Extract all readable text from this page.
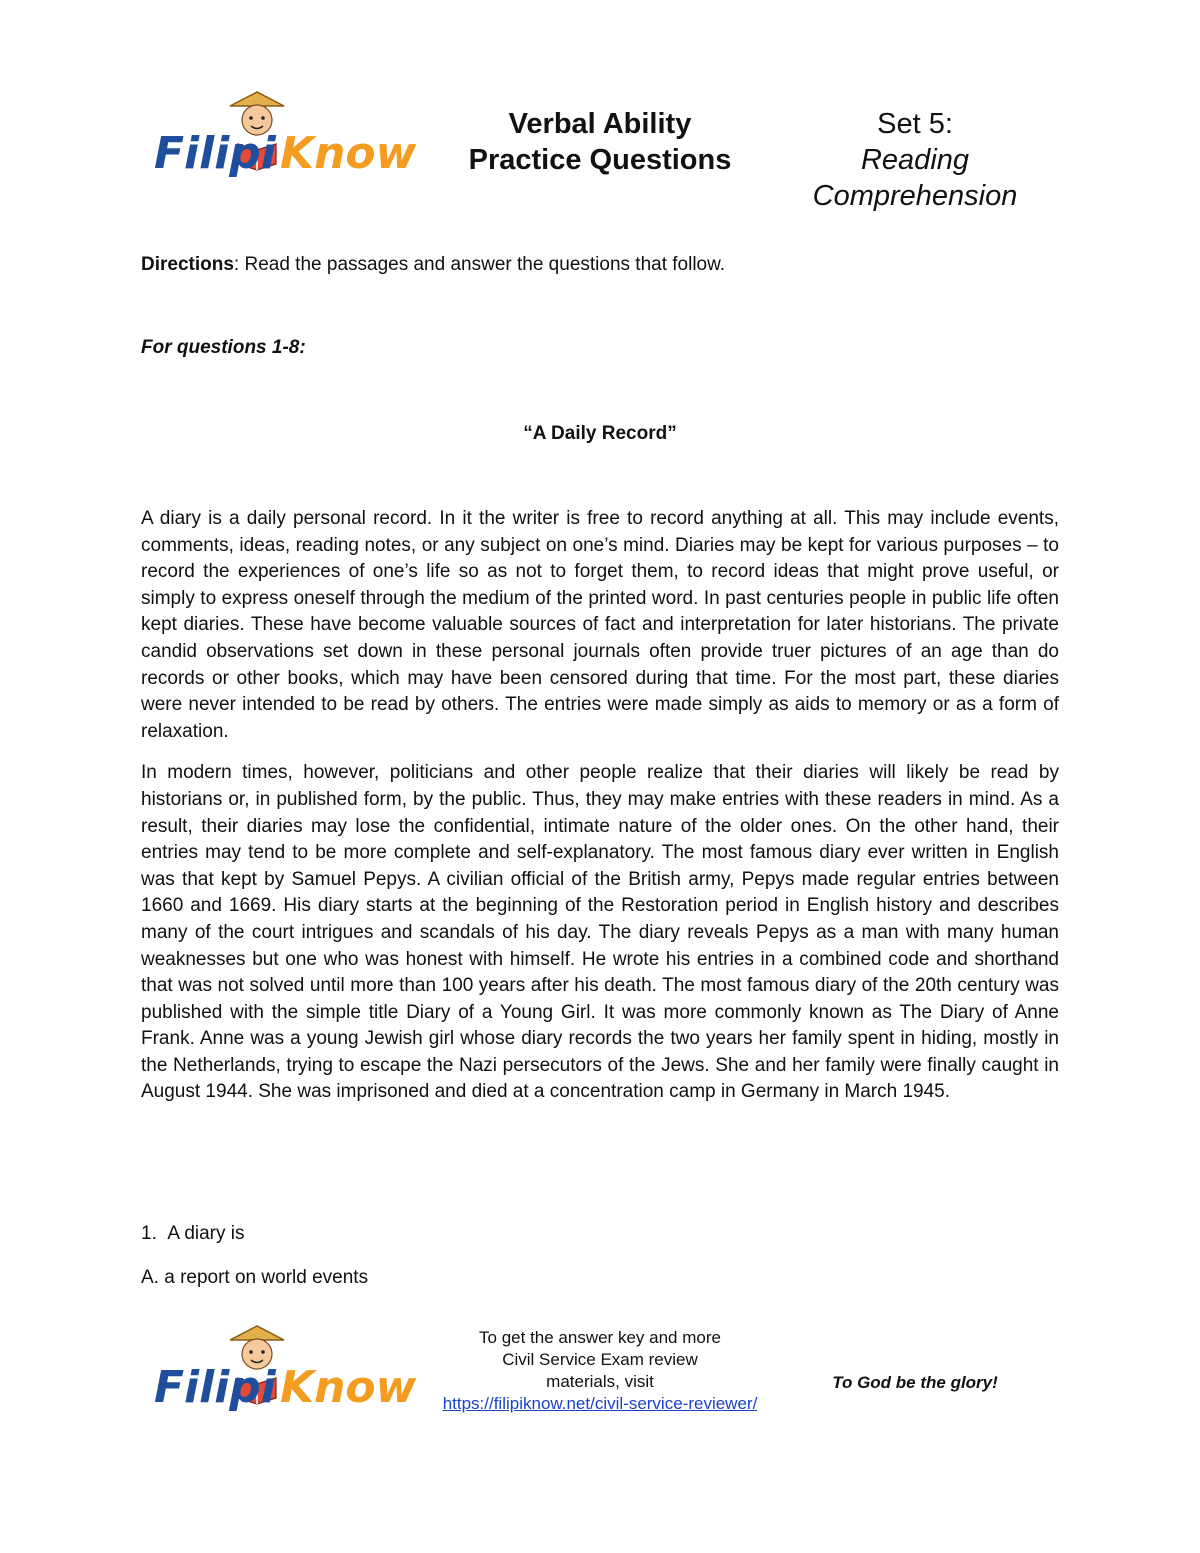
Filipi Know
Verbal Ability
Practice Questions
Set 5:
Reading
Comprehension
Directions: Read the passages and answer the questions that follow.
For questions 1-8:
“A Daily Record”

A diary is a daily personal record. In it the writer is free to record anything at all. This may include events, comments, ideas, reading notes, or any subject on one’s mind. Diaries may be kept for various purposes – to record the experiences of one’s life so as not to forget them, to record ideas that might prove useful, or simply to express oneself through the medium of the printed word. In past centuries people in public life often kept diaries. These have become valuable sources of fact and interpretation for later historians. The private candid observations set down in these personal journals often provide truer pictures of an age than do records or other books, which may have been censored during that time. For the most part, these diaries were never intended to be read by others. The entries were made simply as aids to memory or as a form of relaxation.

In modern times, however, politicians and other people realize that their diaries will likely be read by historians or, in published form, by the public. Thus, they may make entries with these readers in mind. As a result, their diaries may lose the confidential, intimate nature of the older ones. On the other hand, their entries may tend to be more complete and self-explanatory. The most famous diary ever written in English was that kept by Samuel Pepys. A civilian official of the British army, Pepys made regular entries between 1660 and 1669. His diary starts at the beginning of the Restoration period in English history and describes many of the court intrigues and scandals of his day. The diary reveals Pepys as a man with many human weaknesses but one who was honest with himself. He wrote his entries in a combined code and shorthand that was not solved until more than 100 years after his death. The most famous diary of the 20th century was published with the simple title Diary of a Young Girl. It was more commonly known as The Diary of Anne Frank. Anne was a young Jewish girl whose diary records the two years her family spent in hiding, mostly in the Netherlands, trying to escape the Nazi persecutors of the Jews. She and her family were finally caught in August 1944. She was imprisoned and died at a concentration camp in Germany in March 1945.

1. A diary is
A. a report on world events
Filipi Know
To get the answer key and more
Civil Service Exam review
materials, visit
https://filipiknow.net/civil-service-reviewer/
To God be the glory!
